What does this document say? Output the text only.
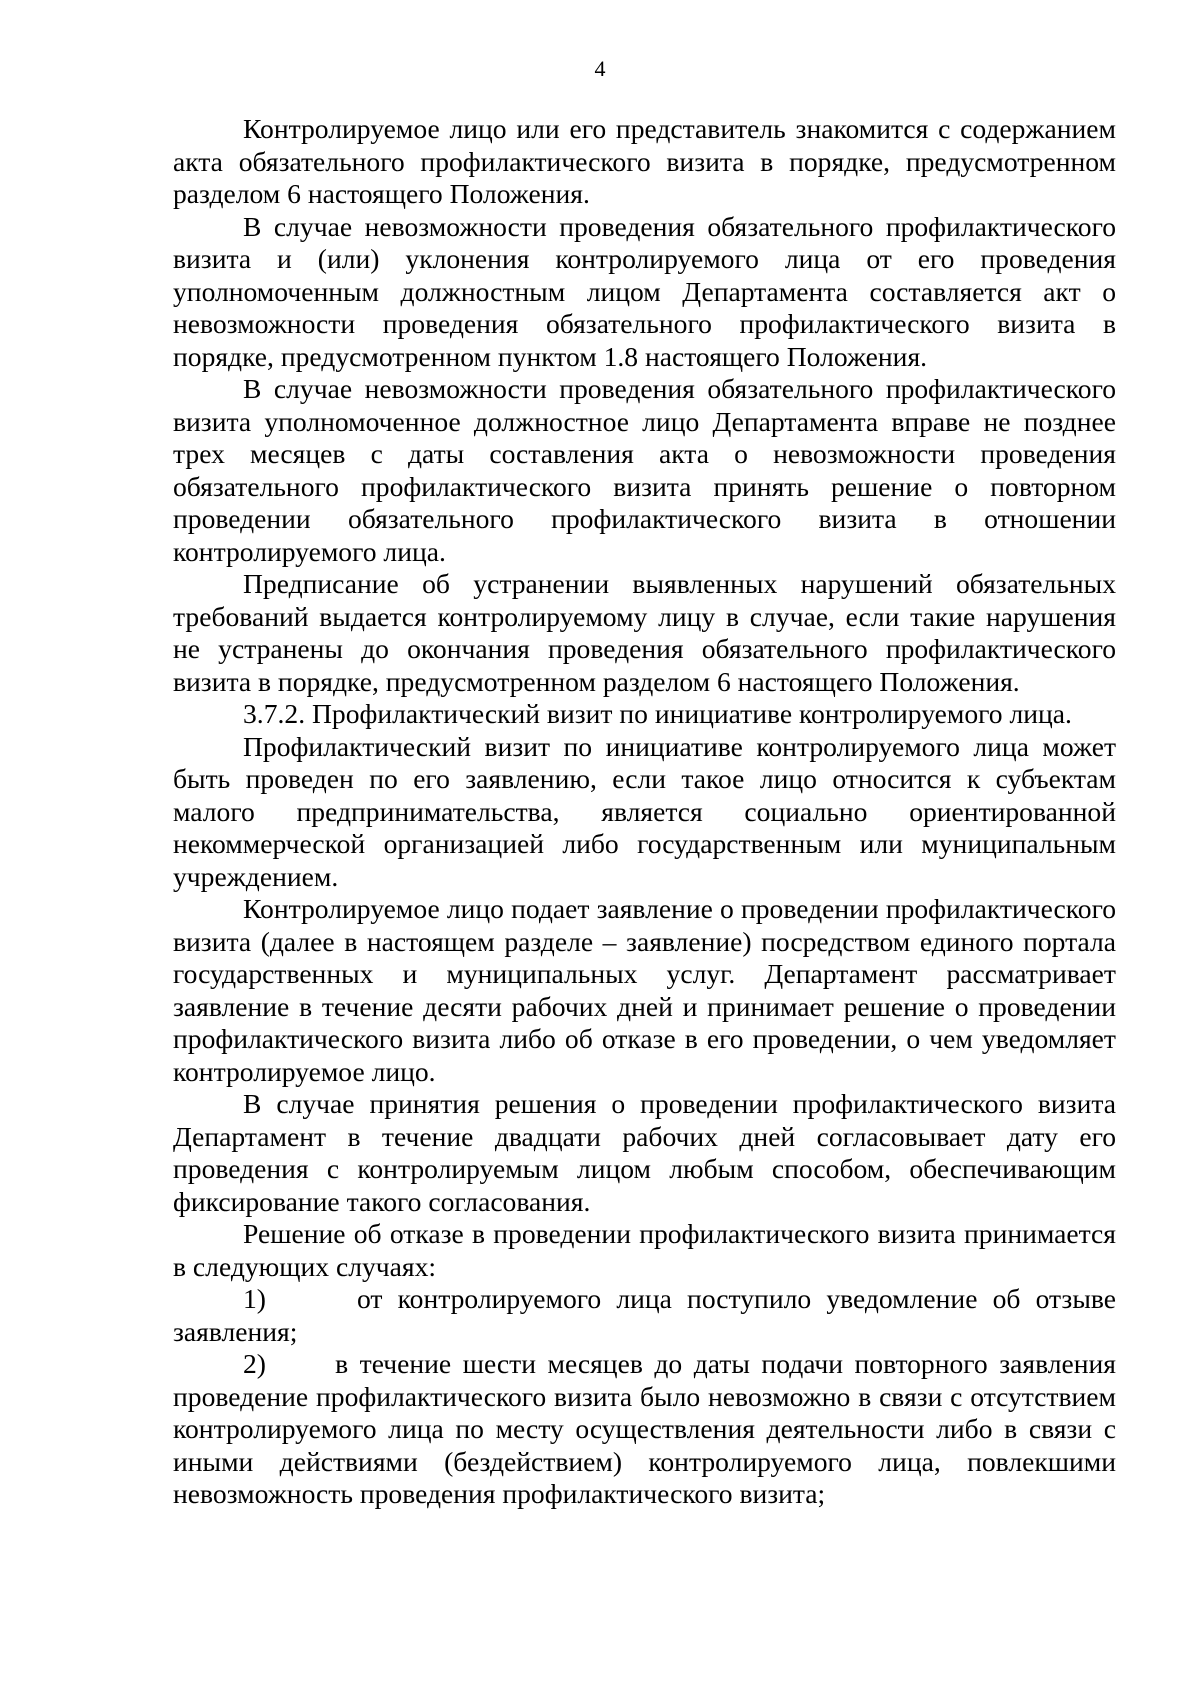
4

Контролируемое лицо или его представитель знакомится с содержанием акта обязательного профилактического визита в порядке, предусмотренном разделом 6 настоящего Положения.

В случае невозможности проведения обязательного профилактического визита и (или) уклонения контролируемого лица от его проведения уполномоченным должностным лицом Департамента составляется акт о невозможности проведения обязательного профилактического визита в порядке, предусмотренном пунктом 1.8 настоящего Положения.

В случае невозможности проведения обязательного профилактического визита уполномоченное должностное лицо Департамента вправе не позднее трех месяцев с даты составления акта о невозможности проведения обязательного профилактического визита принять решение о повторном проведении обязательного профилактического визита в отношении контролируемого лица.

Предписание об устранении выявленных нарушений обязательных требований выдается контролируемому лицу в случае, если такие нарушения не устранены до окончания проведения обязательного профилактического визита в порядке, предусмотренном разделом 6 настоящего Положения.

3.7.2. Профилактический визит по инициативе контролируемого лица.

Профилактический визит по инициативе контролируемого лица может быть проведен по его заявлению, если такое лицо относится к субъектам малого предпринимательства, является социально ориентированной некоммерческой организацией либо государственным или муниципальным учреждением.

Контролируемое лицо подает заявление о проведении профилактического визита (далее в настоящем разделе – заявление) посредством единого портала государственных и муниципальных услуг. Департамент рассматривает заявление в течение десяти рабочих дней и принимает решение о проведении профилактического визита либо об отказе в его проведении, о чем уведомляет контролируемое лицо.

В случае принятия решения о проведении профилактического визита Департамент в течение двадцати рабочих дней согласовывает дату его проведения с контролируемым лицом любым способом, обеспечивающим фиксирование такого согласования.

Решение об отказе в проведении профилактического визита принимается в следующих случаях:

1)      от контролируемого лица поступило уведомление об отзыве заявления;

2)      в течение шести месяцев до даты подачи повторного заявления проведение профилактического визита было невозможно в связи с отсутствием контролируемого лица по месту осуществления деятельности либо в связи с иными действиями (бездействием) контролируемого лица, повлекшими невозможность проведения профилактического визита;
